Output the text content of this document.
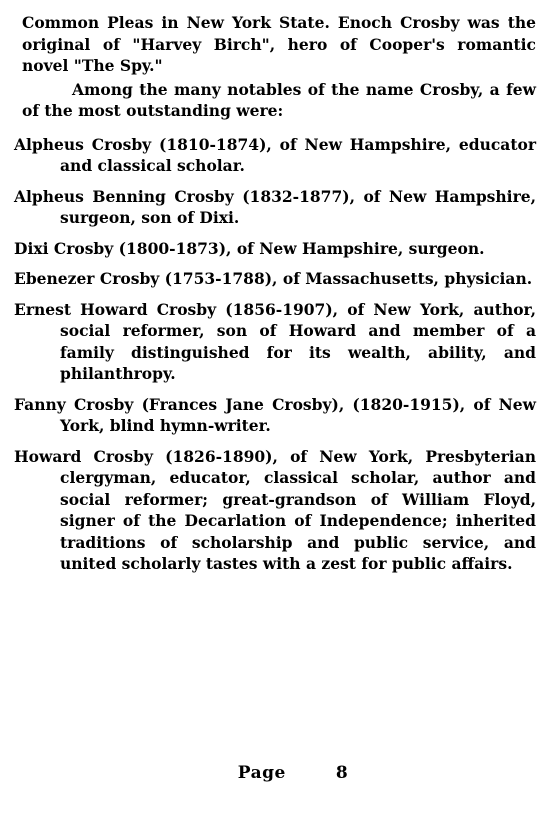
Common Pleas in New York State. Enoch Crosby was the original of "Harvey Birch", hero of Cooper's romantic novel "The Spy."

Among the many notables of the name Crosby, a few of the most outstanding were:

Alpheus Crosby (1810-1874), of New Hampshire, educator and classical scholar.

Alpheus Benning Crosby (1832-1877), of New Hampshire, surgeon, son of Dixi.

Dixi Crosby (1800-1873), of New Hampshire, surgeon.

Ebenezer Crosby (1753-1788), of Massachusetts, physician.

Ernest Howard Crosby (1856-1907), of New York, author, social reformer, son of Howard and member of a family distinguished for its wealth, ability, and philanthropy.

Fanny Crosby (Frances Jane Crosby), (1820-1915), of New York, blind hymn-writer.

Howard Crosby (1826-1890), of New York, Presbyterian clergyman, educator, classical scholar, author and social reformer; great-grandson of William Floyd, signer of the Decarlation of Independence; inherited traditions of scholarship and public service, and united scholarly tastes with a zest for public affairs.

Page	8
